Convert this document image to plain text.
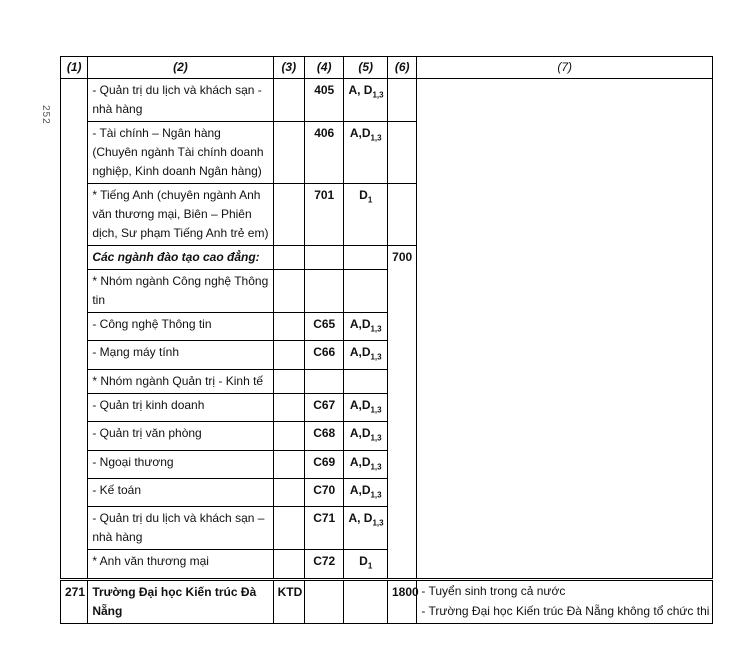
252
(1)	(2)	(3)	(4)	(5)	(6)	(7)
	- Quản trị du lịch và khách sạn - nhà hàng		405	A, $D_{1,3}$		
	- Tài chính – Ngân hàng (Chuyên ngành Tài chính doanh nghiệp, Kinh doanh Ngân hàng)		406	$A,D_{1,3}$	
	* Tiếng Anh (chuyên ngành Anh văn thương mại, Biên – Phiên dịch, Sư phạm Tiếng Anh trẻ em)		701	$D_1$	
	Các ngành đào tạo cao đẳng:				700	
	* Nhóm ngành Công nghệ Thông tin					
	- Công nghệ Thông tin		C65	$A,D_{1,3}$
	- Mạng máy tính		C66	$A,D_{1,3}$
	* Nhóm ngành Quản trị - Kinh tế					
	- Quản trị kinh doanh		C67	$A,D_{1,3}$
	- Quản trị văn phòng		C68	$A,D_{1,3}$
	- Ngoại thương		C69	$A,D_{1,3}$
	- Kế toán		C70	$A,D_{1,3}$
	- Quản trị du lịch và khách sạn – nhà hàng		C71	A, $D_{1,3}$
	* Anh văn thương mại		C72	$D_1$
271	Trường Đại học Kiến trúc Đà Nẵng	KTD			1800	- Tuyển sinh trong cả nước
- Trường Đại học Kiến trúc Đà Nẵng không tổ chức thi
